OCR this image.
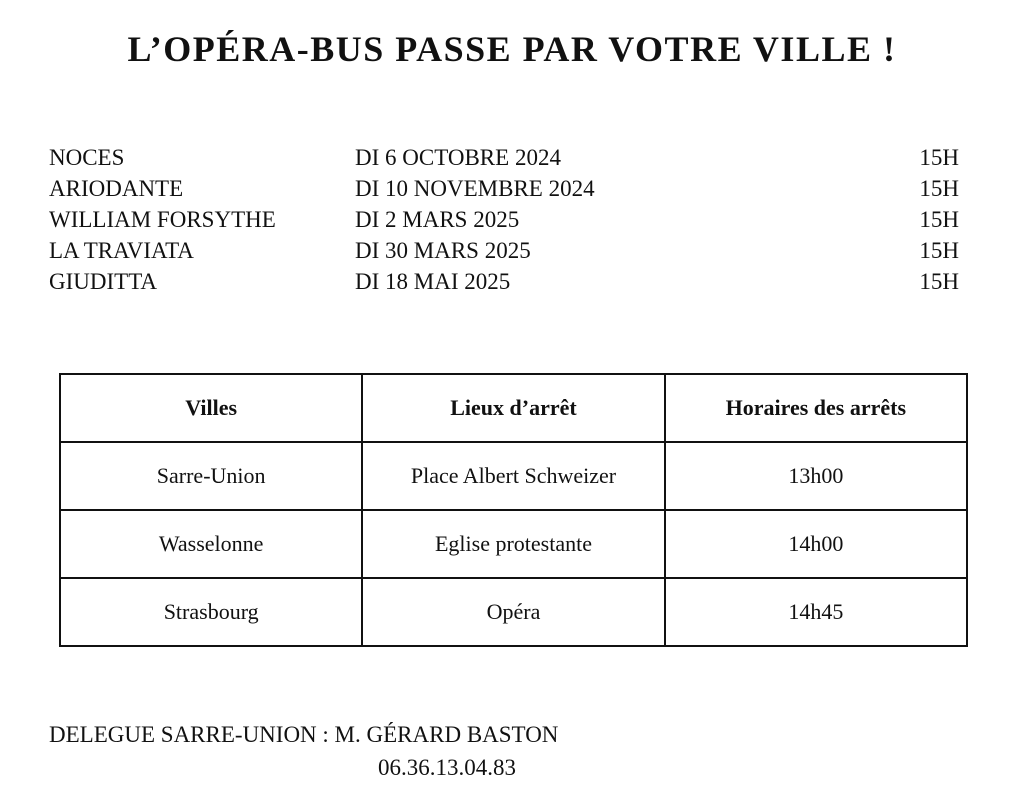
L’OPÉRA-BUS PASSE PAR VOTRE VILLE !
NOCES	DI 6 OCTOBRE 2024	15H
ARIODANTE	DI 10 NOVEMBRE 2024	15H
WILLIAM FORSYTHE	DI 2 MARS 2025	15H
LA TRAVIATA	DI 30 MARS 2025	15H
GIUDITTA	DI 18 MAI 2025	15H
Villes	Lieux d’arrêt	Horaires des arrêts
Sarre-Union	Place Albert Schweizer	13h00
Wasselonne	Eglise protestante	14h00
Strasbourg	Opéra	14h45
DELEGUE SARRE-UNION : M. GÉRARD BASTON
06.36.13.04.83
